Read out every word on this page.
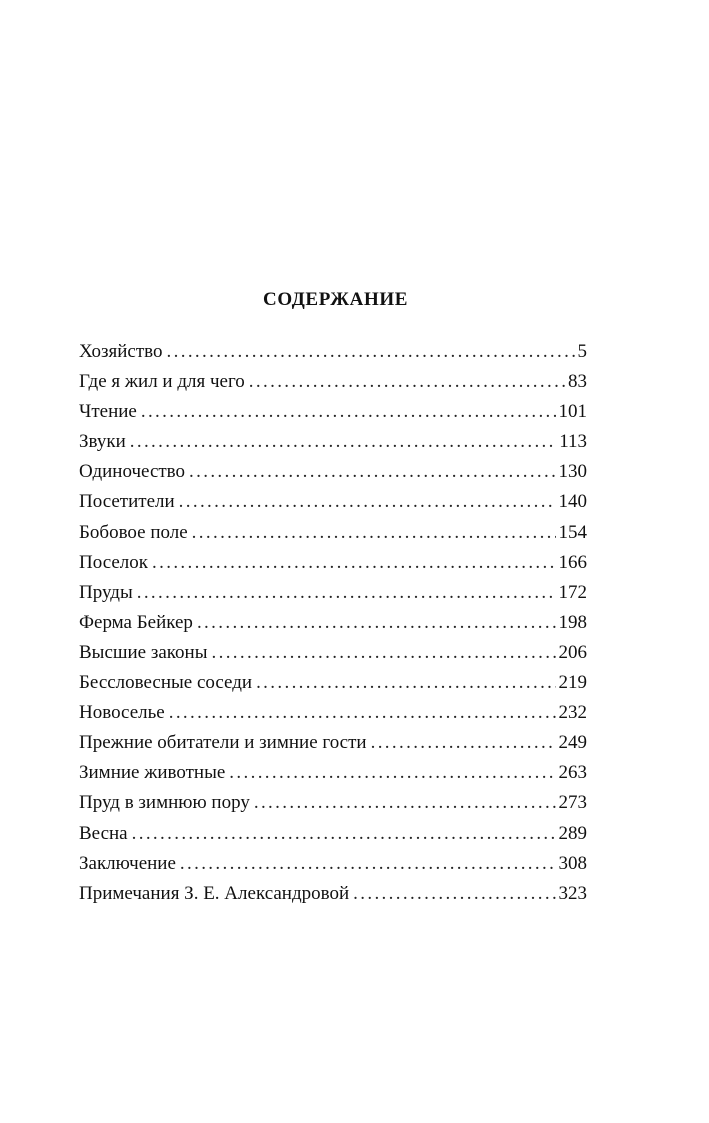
СОДЕРЖАНИЕ
Хозяйство . . .	5
Где я жил и для чего . . .	83
Чтение . . .	101
Звуки . . .	113
Одиночество . . .	130
Посетители . . .	140
Бобовое поле . . .	154
Поселок . . .	166
Пруды . . .	172
Ферма Бейкер . . .	198
Высшие законы . . .	206
Бессловесные соседи . . .	219
Новоселье . . .	232
Прежние обитатели и зимние гости . . .	249
Зимние животные . . .	263
Пруд в зимнюю пору . . .	273
Весна . . .	289
Заключение . . .	308
Примечания З. Е. Александровой . . .	323
